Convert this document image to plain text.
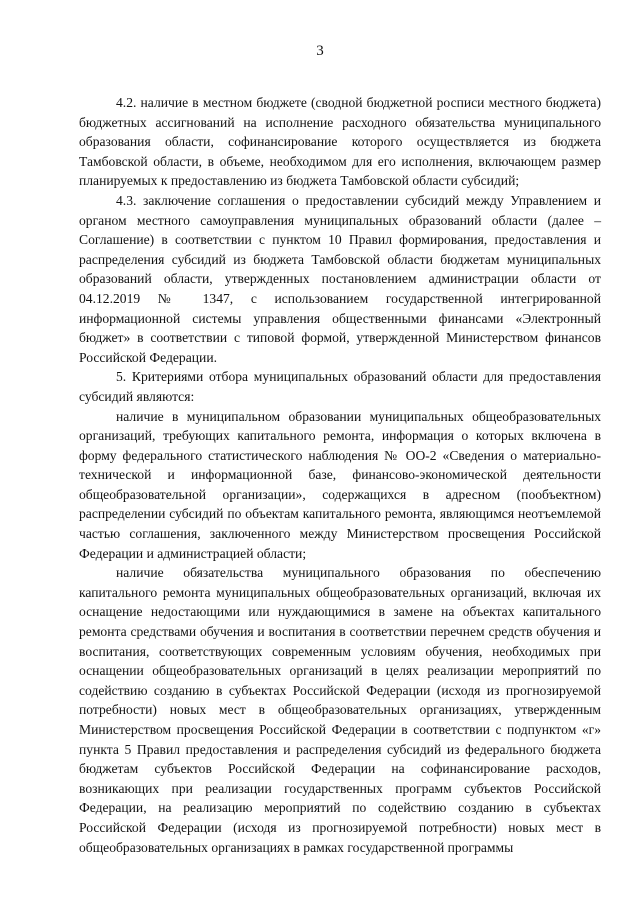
3

4.2. наличие в местном бюджете (сводной бюджетной росписи местного бюджета) бюджетных ассигнований на исполнение расходного обязательства муниципального образования области, софинансирование которого осуществляется из бюджета Тамбовской области, в объеме, необходимом для его исполнения, включающем размер планируемых к предоставлению из бюджета Тамбовской области субсидий;

4.3. заключение соглашения о предоставлении субсидий между Управлением и органом местного самоуправления муниципальных образований области (далее – Соглашение) в соответствии с пунктом 10 Правил формирования, предоставления и распределения субсидий из бюджета Тамбовской области бюджетам муниципальных образований области, утвержденных постановлением администрации области от 04.12.2019 № 1347, с использованием государственной интегрированной информационной системы управления общественными финансами «Электронный бюджет» в соответствии с типовой формой, утвержденной Министерством финансов Российской Федерации.

5. Критериями отбора муниципальных образований области для предоставления субсидий являются:

наличие в муниципальном образовании муниципальных общеобразовательных организаций, требующих капитального ремонта, информация о которых включена в форму федерального статистического наблюдения № ОО-2 «Сведения о материально-технической и информационной базе, финансово-экономической деятельности общеобразовательной организации», содержащихся в адресном (пообъектном) распределении субсидий по объектам капитального ремонта, являющимся неотъемлемой частью соглашения, заключенного между Министерством просвещения Российской Федерации и администрацией области;

наличие обязательства муниципального образования по обеспечению капитального ремонта муниципальных общеобразовательных организаций, включая их оснащение недостающими или нуждающимися в замене на объектах капитального ремонта средствами обучения и воспитания в соответствии перечнем средств обучения и воспитания, соответствующих современным условиям обучения, необходимых при оснащении общеобразовательных организаций в целях реализации мероприятий по содействию созданию в субъектах Российской Федерации (исходя из прогнозируемой потребности) новых мест в общеобразовательных организациях, утвержденным Министерством просвещения Российской Федерации в соответствии с подпунктом «г» пункта 5 Правил предоставления и распределения субсидий из федерального бюджета бюджетам субъектов Российской Федерации на софинансирование расходов, возникающих при реализации государственных программ субъектов Российской Федерации, на реализацию мероприятий по содействию созданию в субъектах Российской Федерации (исходя из прогнозируемой потребности) новых мест в общеобразовательных организациях в рамках государственной программы
